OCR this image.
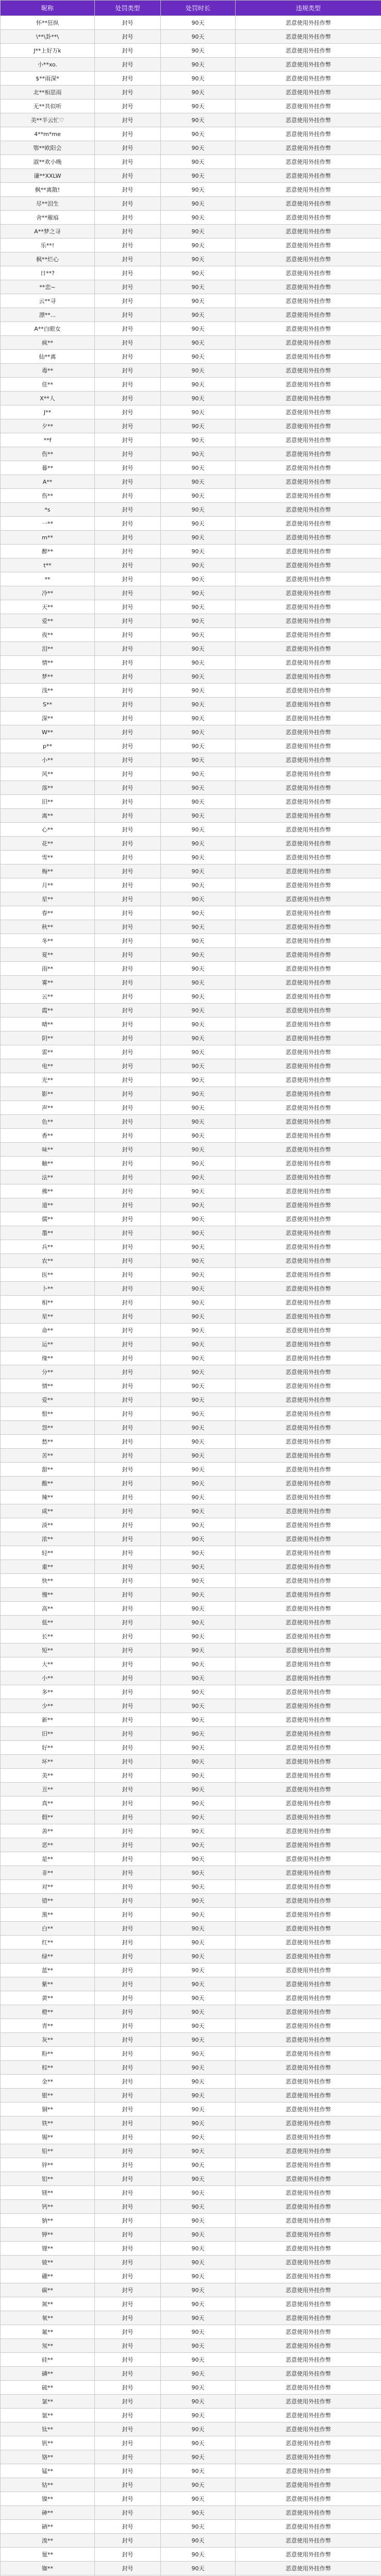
昵称	处罚类型	处罚时长	违规类型
怀**狂纵	封号	90天	恶意使用外挂作弊
\**\卦**\	封号	90天	恶意使用外挂作弊
J**上好万k	封号	90天	恶意使用外挂作弊
小**xo.	封号	90天	恶意使用外挂作弊
$**雨深*	封号	90天	恶意使用外挂作弊
北**相思雨	封号	90天	恶意使用外挂作弊
无**共似听	封号	90天	恶意使用外挂作弊
美**半云忙♡	封号	90天	恶意使用外挂作弊
4**m*me	封号	90天	恶意使用外挂作弊
鄂**欧阳会	封号	90天	恶意使用外挂作弊
淑**欢小晚	封号	90天	恶意使用外挂作弊
谦**XXLW	封号	90天	恶意使用外挂作弊
枫**离散!	封号	90天	恶意使用外挂作弊
尽**泪生	封号	90天	恶意使用外挂作弊
舍**雁痕	封号	90天	恶意使用外挂作弊
A**梦之寻	封号	90天	恶意使用外挂作弊
乐**!	封号	90天	恶意使用外挂作弊
枫**烂心	封号	90天	恶意使用外挂作弊
日**?	封号	90天	恶意使用外挂作弊
**恋~	封号	90天	恶意使用外挂作弊
云**寻	封号	90天	恶意使用外挂作弊
漂**...	封号	90天	恶意使用外挂作弊
A**白眼女	封号	90天	恶意使用外挂作弊
疯**	封号	90天	恶意使用外挂作弊
仙**离	封号	90天	恶意使用外挂作弊
毒**	封号	90天	恶意使用外挂作弊
佳**	封号	90天	恶意使用外挂作弊
X**人	封号	90天	恶意使用外挂作弊
J**	封号	90天	恶意使用外挂作弊
夕**	封号	90天	恶意使用外挂作弊
**f	封号	90天	恶意使用外挂作弊
伤**	封号	90天	恶意使用外挂作弊
暮**	封号	90天	恶意使用外挂作弊
A**	封号	90天	恶意使用外挂作弊
伤**	封号	90天	恶意使用外挂作弊
*s	封号	90天	恶意使用外挂作弊
一**	封号	90天	恶意使用外挂作弊
m**	封号	90天	恶意使用外挂作弊
醉**	封号	90天	恶意使用外挂作弊
t**	封号	90天	恶意使用外挂作弊
**	封号	90天	恶意使用外挂作弊
冷**	封号	90天	恶意使用外挂作弊
天**	封号	90天	恶意使用外挂作弊
爱**	封号	90天	恶意使用外挂作弊
夜**	封号	90天	恶意使用外挂作弊
泪**	封号	90天	恶意使用外挂作弊
情**	封号	90天	恶意使用外挂作弊
梦**	封号	90天	恶意使用外挂作弊
浅**	封号	90天	恶意使用外挂作弊
S**	封号	90天	恶意使用外挂作弊
深**	封号	90天	恶意使用外挂作弊
W**	封号	90天	恶意使用外挂作弊
p**	封号	90天	恶意使用外挂作弊
小**	封号	90天	恶意使用外挂作弊
风**	封号	90天	恶意使用外挂作弊
落**	封号	90天	恶意使用外挂作弊
旧**	封号	90天	恶意使用外挂作弊
离**	封号	90天	恶意使用外挂作弊
心**	封号	90天	恶意使用外挂作弊
花**	封号	90天	恶意使用外挂作弊
雪**	封号	90天	恶意使用外挂作弊
梅**	封号	90天	恶意使用外挂作弊
月**	封号	90天	恶意使用外挂作弊
星**	封号	90天	恶意使用外挂作弊
春**	封号	90天	恶意使用外挂作弊
秋**	封号	90天	恶意使用外挂作弊
冬**	封号	90天	恶意使用外挂作弊
夏**	封号	90天	恶意使用外挂作弊
雨**	封号	90天	恶意使用外挂作弊
雾**	封号	90天	恶意使用外挂作弊
云**	封号	90天	恶意使用外挂作弊
霞**	封号	90天	恶意使用外挂作弊
晴**	封号	90天	恶意使用外挂作弊
阴**	封号	90天	恶意使用外挂作弊
雷**	封号	90天	恶意使用外挂作弊
电**	封号	90天	恶意使用外挂作弊
光**	封号	90天	恶意使用外挂作弊
影**	封号	90天	恶意使用外挂作弊
声**	封号	90天	恶意使用外挂作弊
色**	封号	90天	恶意使用外挂作弊
香**	封号	90天	恶意使用外挂作弊
味**	封号	90天	恶意使用外挂作弊
触**	封号	90天	恶意使用外挂作弊
法**	封号	90天	恶意使用外挂作弊
佛**	封号	90天	恶意使用外挂作弊
道**	封号	90天	恶意使用外挂作弊
儒**	封号	90天	恶意使用外挂作弊
墨**	封号	90天	恶意使用外挂作弊
兵**	封号	90天	恶意使用外挂作弊
农**	封号	90天	恶意使用外挂作弊
医**	封号	90天	恶意使用外挂作弊
卜**	封号	90天	恶意使用外挂作弊
相**	封号	90天	恶意使用外挂作弊
星**	封号	90天	恶意使用外挂作弊
命**	封号	90天	恶意使用外挂作弊
运**	封号	90天	恶意使用外挂作弊
缘**	封号	90天	恶意使用外挂作弊
分**	封号	90天	恶意使用外挂作弊
情**	封号	90天	恶意使用外挂作弊
爱**	封号	90天	恶意使用外挂作弊
恨**	封号	90天	恶意使用外挂作弊
怨**	封号	90天	恶意使用外挂作弊
愁**	封号	90天	恶意使用外挂作弊
苦**	封号	90天	恶意使用外挂作弊
甜**	封号	90天	恶意使用外挂作弊
酸**	封号	90天	恶意使用外挂作弊
辣**	封号	90天	恶意使用外挂作弊
咸**	封号	90天	恶意使用外挂作弊
淡**	封号	90天	恶意使用外挂作弊
浓**	封号	90天	恶意使用外挂作弊
轻**	封号	90天	恶意使用外挂作弊
重**	封号	90天	恶意使用外挂作弊
快**	封号	90天	恶意使用外挂作弊
慢**	封号	90天	恶意使用外挂作弊
高**	封号	90天	恶意使用外挂作弊
低**	封号	90天	恶意使用外挂作弊
长**	封号	90天	恶意使用外挂作弊
短**	封号	90天	恶意使用外挂作弊
大**	封号	90天	恶意使用外挂作弊
小**	封号	90天	恶意使用外挂作弊
多**	封号	90天	恶意使用外挂作弊
少**	封号	90天	恶意使用外挂作弊
新**	封号	90天	恶意使用外挂作弊
旧**	封号	90天	恶意使用外挂作弊
好**	封号	90天	恶意使用外挂作弊
坏**	封号	90天	恶意使用外挂作弊
美**	封号	90天	恶意使用外挂作弊
丑**	封号	90天	恶意使用外挂作弊
真**	封号	90天	恶意使用外挂作弊
假**	封号	90天	恶意使用外挂作弊
善**	封号	90天	恶意使用外挂作弊
恶**	封号	90天	恶意使用外挂作弊
是**	封号	90天	恶意使用外挂作弊
非**	封号	90天	恶意使用外挂作弊
对**	封号	90天	恶意使用外挂作弊
错**	封号	90天	恶意使用外挂作弊
黑**	封号	90天	恶意使用外挂作弊
白**	封号	90天	恶意使用外挂作弊
红**	封号	90天	恶意使用外挂作弊
绿**	封号	90天	恶意使用外挂作弊
蓝**	封号	90天	恶意使用外挂作弊
紫**	封号	90天	恶意使用外挂作弊
黄**	封号	90天	恶意使用外挂作弊
橙**	封号	90天	恶意使用外挂作弊
青**	封号	90天	恶意使用外挂作弊
灰**	封号	90天	恶意使用外挂作弊
粉**	封号	90天	恶意使用外挂作弊
棕**	封号	90天	恶意使用外挂作弊
金**	封号	90天	恶意使用外挂作弊
银**	封号	90天	恶意使用外挂作弊
铜**	封号	90天	恶意使用外挂作弊
铁**	封号	90天	恶意使用外挂作弊
锡**	封号	90天	恶意使用外挂作弊
铅**	封号	90天	恶意使用外挂作弊
锌**	封号	90天	恶意使用外挂作弊
铝**	封号	90天	恶意使用外挂作弊
镁**	封号	90天	恶意使用外挂作弊
钙**	封号	90天	恶意使用外挂作弊
钠**	封号	90天	恶意使用外挂作弊
钾**	封号	90天	恶意使用外挂作弊
锂**	封号	90天	恶意使用外挂作弊
铍**	封号	90天	恶意使用外挂作弊
硼**	封号	90天	恶意使用外挂作弊
碳**	封号	90天	恶意使用外挂作弊
氮**	封号	90天	恶意使用外挂作弊
氧**	封号	90天	恶意使用外挂作弊
氟**	封号	90天	恶意使用外挂作弊
氖**	封号	90天	恶意使用外挂作弊
硅**	封号	90天	恶意使用外挂作弊
磷**	封号	90天	恶意使用外挂作弊
硫**	封号	90天	恶意使用外挂作弊
氯**	封号	90天	恶意使用外挂作弊
氩**	封号	90天	恶意使用外挂作弊
钛**	封号	90天	恶意使用外挂作弊
钒**	封号	90天	恶意使用外挂作弊
铬**	封号	90天	恶意使用外挂作弊
锰**	封号	90天	恶意使用外挂作弊
钴**	封号	90天	恶意使用外挂作弊
镍**	封号	90天	恶意使用外挂作弊
砷**	封号	90天	恶意使用外挂作弊
硒**	封号	90天	恶意使用外挂作弊
溴**	封号	90天	恶意使用外挂作弊
氪**	封号	90天	恶意使用外挂作弊
铷**	封号	90天	恶意使用外挂作弊
